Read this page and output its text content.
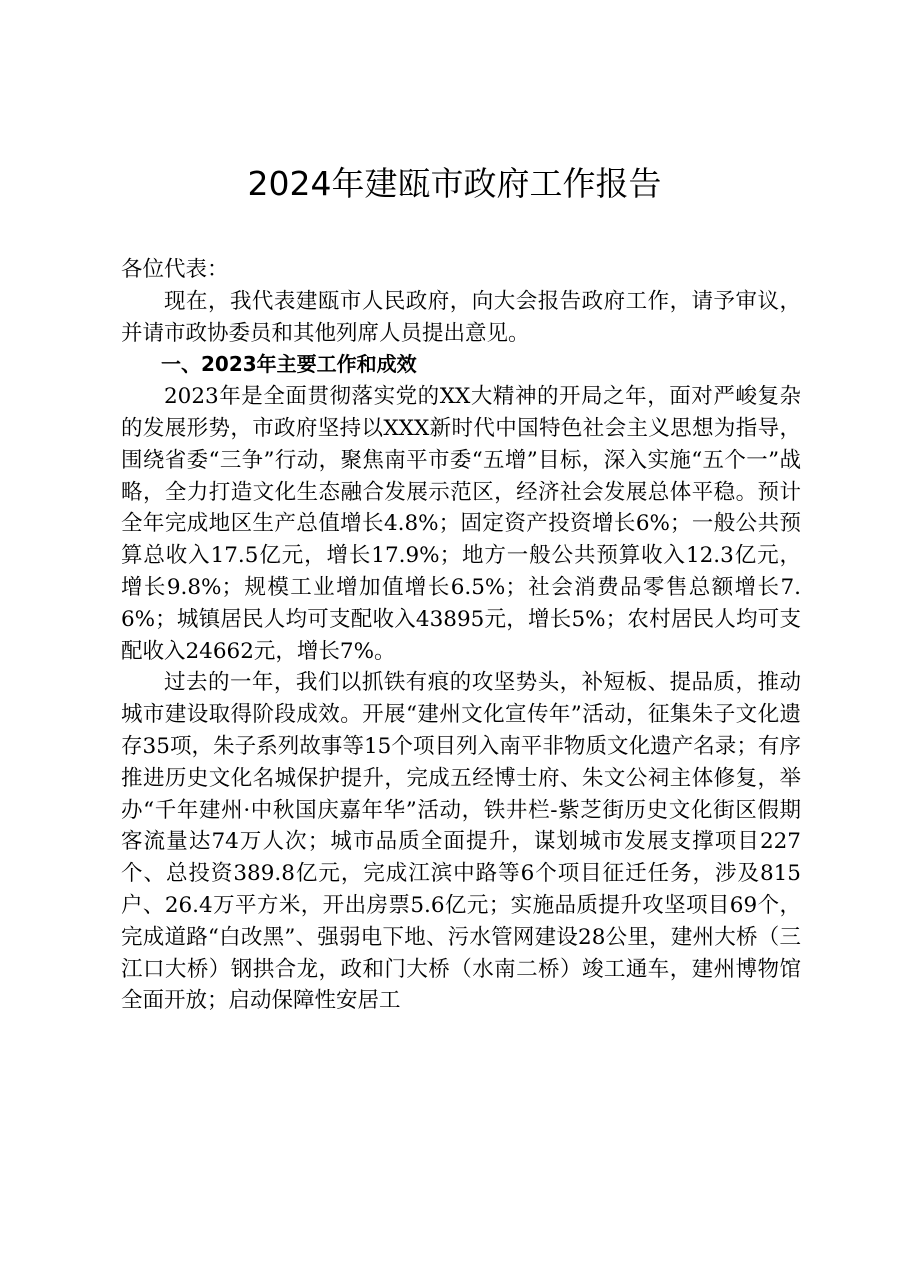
2024年建瓯市政府工作报告

各位代表：

现在，我代表建瓯市人民政府，向大会报告政府工作，请予审议，并请市政协委员和其他列席人员提出意见。

一、2023年主要工作和成效

2023年是全面贯彻落实党的XX大精神的开局之年，面对严峻复杂的发展形势，市政府坚持以XXX新时代中国特色社会主义思想为指导，围绕省委“三争”行动，聚焦南平市委“五增”目标，深入实施“五个一”战略，全力打造文化生态融合发展示范区，经济社会发展总体平稳。预计全年完成地区生产总值增长4.8%；固定资产投资增长6%；一般公共预算总收入17.5亿元，增长17.9%；地方一般公共预算收入12.3亿元，增长9.8%；规模工业增加值增长6.5%；社会消费品零售总额增长7.6%；城镇居民人均可支配收入43895元，增长5%；农村居民人均可支配收入24662元，增长7%。

过去的一年，我们以抓铁有痕的攻坚势头，补短板、提品质，推动城市建设取得阶段成效。开展“建州文化宣传年”活动，征集朱子文化遗存35项，朱子系列故事等15个项目列入南平非物质文化遗产名录；有序推进历史文化名城保护提升，完成五经博士府、朱文公祠主体修复，举办“千年建州·中秋国庆嘉年华”活动，铁井栏-紫芝街历史文化街区假期客流量达74万人次；城市品质全面提升，谋划城市发展支撑项目227个、总投资389.8亿元，完成江滨中路等6个项目征迁任务，涉及815户、26.4万平方米，开出房票5.6亿元；实施品质提升攻坚项目69个，完成道路“白改黑”、强弱电下地、污水管网建设28公里，建州大桥（三江口大桥）钢拱合龙，政和门大桥（水南二桥）竣工通车，建州博物馆全面开放；启动保障性安居工
